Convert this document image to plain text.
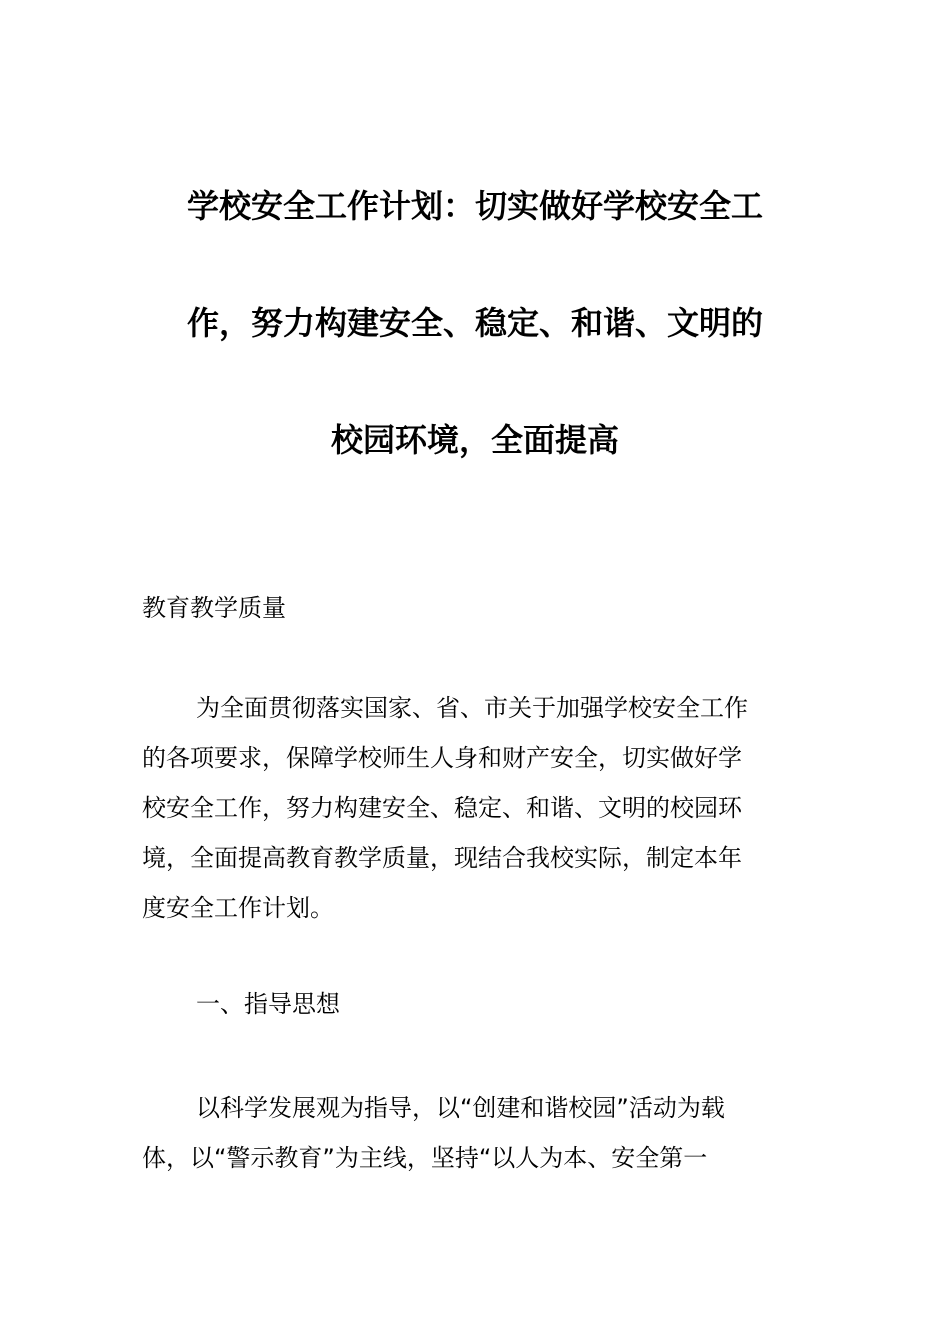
学校安全工作计划：切实做好学校安全工
作，努力构建安全、稳定、和谐、文明的
校园环境，全面提高
教育教学质量
为全面贯彻落实国家、省、市关于加强学校安全工作
的各项要求，保障学校师生人身和财产安全，切实做好学
校安全工作，努力构建安全、稳定、和谐、文明的校园环
境，全面提高教育教学质量，现结合我校实际，制定本年
度安全工作计划。
一、指导思想
以科学发展观为指导，以“创建和谐校园”活动为载
体，以“警示教育”为主线，坚持“以人为本、安全第一
